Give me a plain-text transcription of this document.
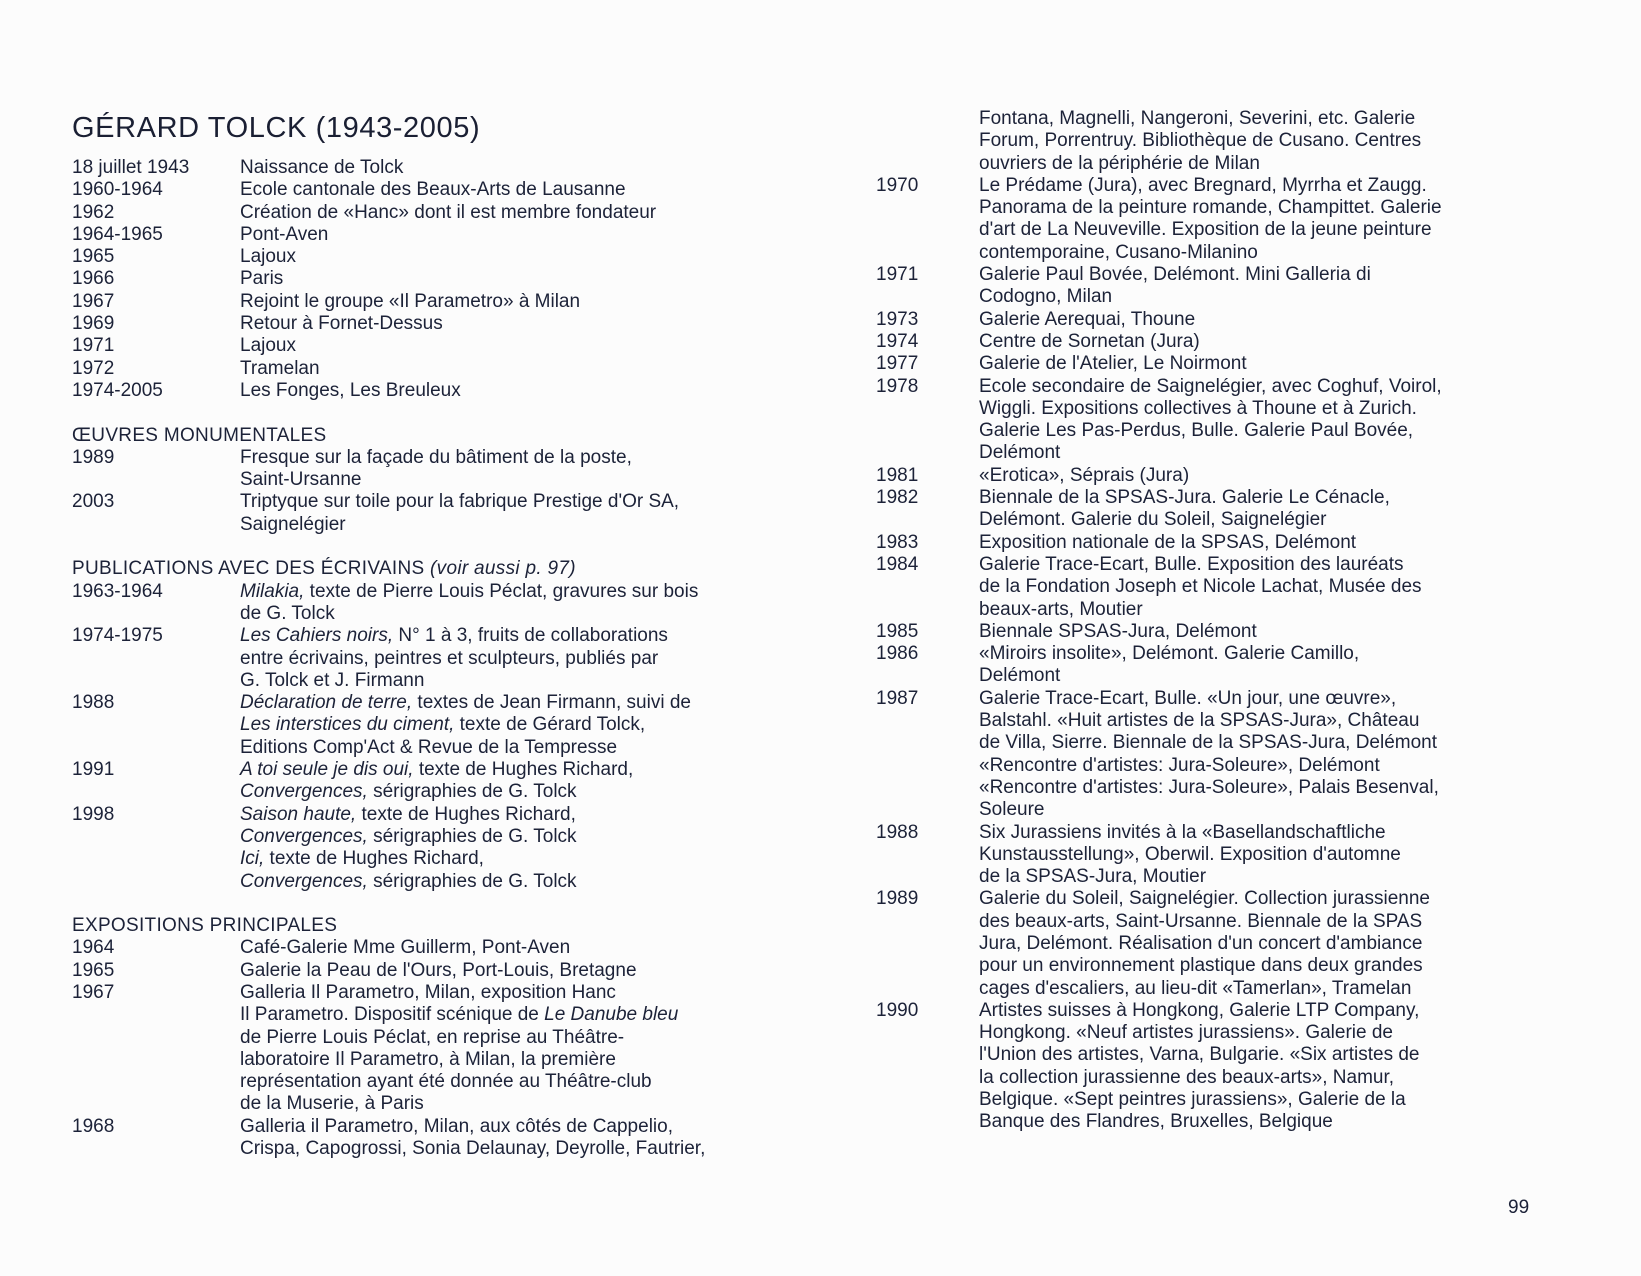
GÉRARD TOLCK (1943-2005)
18 juillet 1943	Naissance de Tolck
1960-1964	Ecole cantonale des Beaux-Arts de Lausanne
1962	Création de «Hanc» dont il est membre fondateur
1964-1965	Pont-Aven
1965	Lajoux
1966	Paris
1967	Rejoint le groupe «Il Parametro» à Milan
1969	Retour à Fornet-Dessus
1971	Lajoux
1972	Tramelan
1974-2005	Les Fonges, Les Breuleux
ŒUVRES MONUMENTALES
1989	Fresque sur la façade du bâtiment de la poste,
Saint-Ursanne
2003	Triptyque sur toile pour la fabrique Prestige d'Or SA,
Saignelégier
PUBLICATIONS AVEC DES ÉCRIVAINS (voir aussi p. 97)
1963-1964	Milakia, texte de Pierre Louis Péclat, gravures sur bois
de G. Tolck
1974-1975	Les Cahiers noirs, N° 1 à 3, fruits de collaborations
entre écrivains, peintres et sculpteurs, publiés par
G. Tolck et J. Firmann
1988	Déclaration de terre, textes de Jean Firmann, suivi de
Les interstices du ciment, texte de Gérard Tolck,
Editions Comp'Act & Revue de la Tempresse
1991	A toi seule je dis oui, texte de Hughes Richard,
Convergences, sérigraphies de G. Tolck
1998	Saison haute, texte de Hughes Richard,
Convergences, sérigraphies de G. Tolck
Ici, texte de Hughes Richard,
Convergences, sérigraphies de G. Tolck
EXPOSITIONS PRINCIPALES
1964	Café-Galerie Mme Guillerm, Pont-Aven
1965	Galerie la Peau de l'Ours, Port-Louis, Bretagne
1967	Galleria Il Parametro, Milan, exposition Hanc
Il Parametro. Dispositif scénique de Le Danube bleu
de Pierre Louis Péclat, en reprise au Théâtre-
laboratoire Il Parametro, à Milan, la première
représentation ayant été donnée au Théâtre-club
de la Muserie, à Paris
1968	Galleria il Parametro, Milan, aux côtés de Cappelio,
Crispa, Capogrossi, Sonia Delaunay, Deyrolle, Fautrier,
Fontana, Magnelli, Nangeroni, Severini, etc. Galerie
Forum, Porrentruy. Bibliothèque de Cusano. Centres
ouvriers de la périphérie de Milan
1970	Le Prédame (Jura), avec Bregnard, Myrrha et Zaugg.
Panorama de la peinture romande, Champittet. Galerie
d'art de La Neuveville. Exposition de la jeune peinture
contemporaine, Cusano-Milanino
1971	Galerie Paul Bovée, Delémont. Mini Galleria di
Codogno, Milan
1973	Galerie Aerequai, Thoune
1974	Centre de Sornetan (Jura)
1977	Galerie de l'Atelier, Le Noirmont
1978	Ecole secondaire de Saignelégier, avec Coghuf, Voirol,
Wiggli. Expositions collectives à Thoune et à Zurich.
Galerie Les Pas-Perdus, Bulle. Galerie Paul Bovée,
Delémont
1981	«Erotica», Séprais (Jura)
1982	Biennale de la SPSAS-Jura. Galerie Le Cénacle,
Delémont. Galerie du Soleil, Saignelégier
1983	Exposition nationale de la SPSAS, Delémont
1984	Galerie Trace-Ecart, Bulle. Exposition des lauréats
de la Fondation Joseph et Nicole Lachat, Musée des
beaux-arts, Moutier
1985	Biennale SPSAS-Jura, Delémont
1986	«Miroirs insolite», Delémont. Galerie Camillo,
Delémont
1987	Galerie Trace-Ecart, Bulle. «Un jour, une œuvre»,
Balstahl. «Huit artistes de la SPSAS-Jura», Château
de Villa, Sierre. Biennale de la SPSAS-Jura, Delémont
«Rencontre d'artistes: Jura-Soleure», Delémont
«Rencontre d'artistes: Jura-Soleure», Palais Besenval,
Soleure
1988	Six Jurassiens invités à la «Basellandschaftliche
Kunstausstellung», Oberwil. Exposition d'automne
de la SPSAS-Jura, Moutier
1989	Galerie du Soleil, Saignelégier. Collection jurassienne
des beaux-arts, Saint-Ursanne. Biennale de la SPAS
Jura, Delémont. Réalisation d'un concert d'ambiance
pour un environnement plastique dans deux grandes
cages d'escaliers, au lieu-dit «Tamerlan», Tramelan
1990	Artistes suisses à Hongkong, Galerie LTP Company,
Hongkong. «Neuf artistes jurassiens». Galerie de
l'Union des artistes, Varna, Bulgarie. «Six artistes de
la collection jurassienne des beaux-arts», Namur,
Belgique. «Sept peintres jurassiens», Galerie de la
Banque des Flandres, Bruxelles, Belgique
99
